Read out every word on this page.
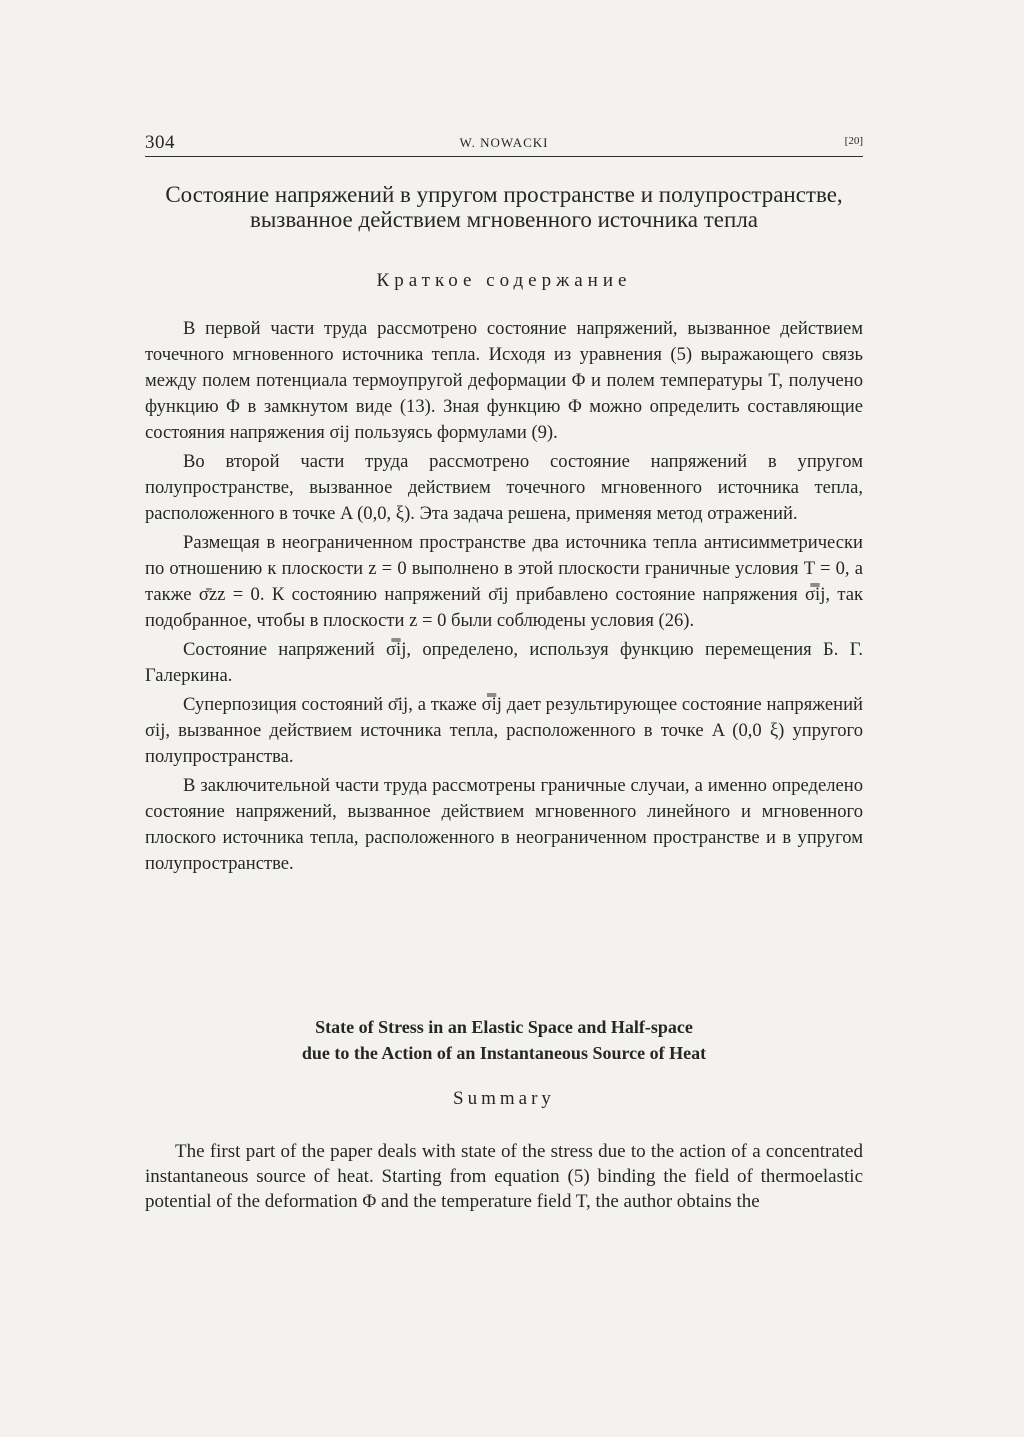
304	W. NOWACKI	[20]
Состояние напряжений в упругом пространстве и полупространстве, вызванное действием мгновенного источника тепла
Краткое содержание

В первой части труда рассмотрено состояние напряжений, вызванное действием точечного мгновенного источника тепла. Исходя из уравнения (5) выражающего связь между полем потенциала термоупругой деформации Φ и полем температуры T, получено функцию Φ в замкнутом виде (13). Зная функцию Φ можно определить составляющие состояния напряжения σij пользуясь формулами (9).

Во второй части труда рассмотрено состояние напряжений в упругом полупространстве, вызванное действием точечного мгновенного источника тепла, расположенного в точке A (0,0, ξ). Эта задача решена, применяя метод отражений.

Размещая в неограниченном пространстве два источника тепла антисимметрически по отношению к плоскости z = 0 выполнено в этой плоскости граничные условия T = 0, а также σ̄zz = 0. К состоянию напряжений σ̄ij прибавлено состояние напряжения σ̿ij, так подобранное, чтобы в плоскости z = 0 были соблюдены условия (26).

Состояние напряжений σ̿ij, определено, используя функцию перемещения Б. Г. Галеркина.

Суперпозиция состояний σ̄ij, а ткаже σ̿ij дает результирующее состояние напряжений σij, вызванное действием источника тепла, расположенного в точке A (0,0 ξ) упругого полупространства.

В заключительной части труда рассмотрены граничные случаи, а именно определено состояние напряжений, вызванное действием мгновенного линейного и мгновенного плоского источника тепла, расположенного в неограниченном пространстве и в упругом полупространстве.

State of Stress in an Elastic Space and Half-space
due to the Action of an Instantaneous Source of Heat
Summary

The first part of the paper deals with state of the stress due to the action of a concentrated instantaneous source of heat. Starting from equation (5) binding the field of thermoelastic potential of the deformation Φ and the temperature field T, the author obtains the
